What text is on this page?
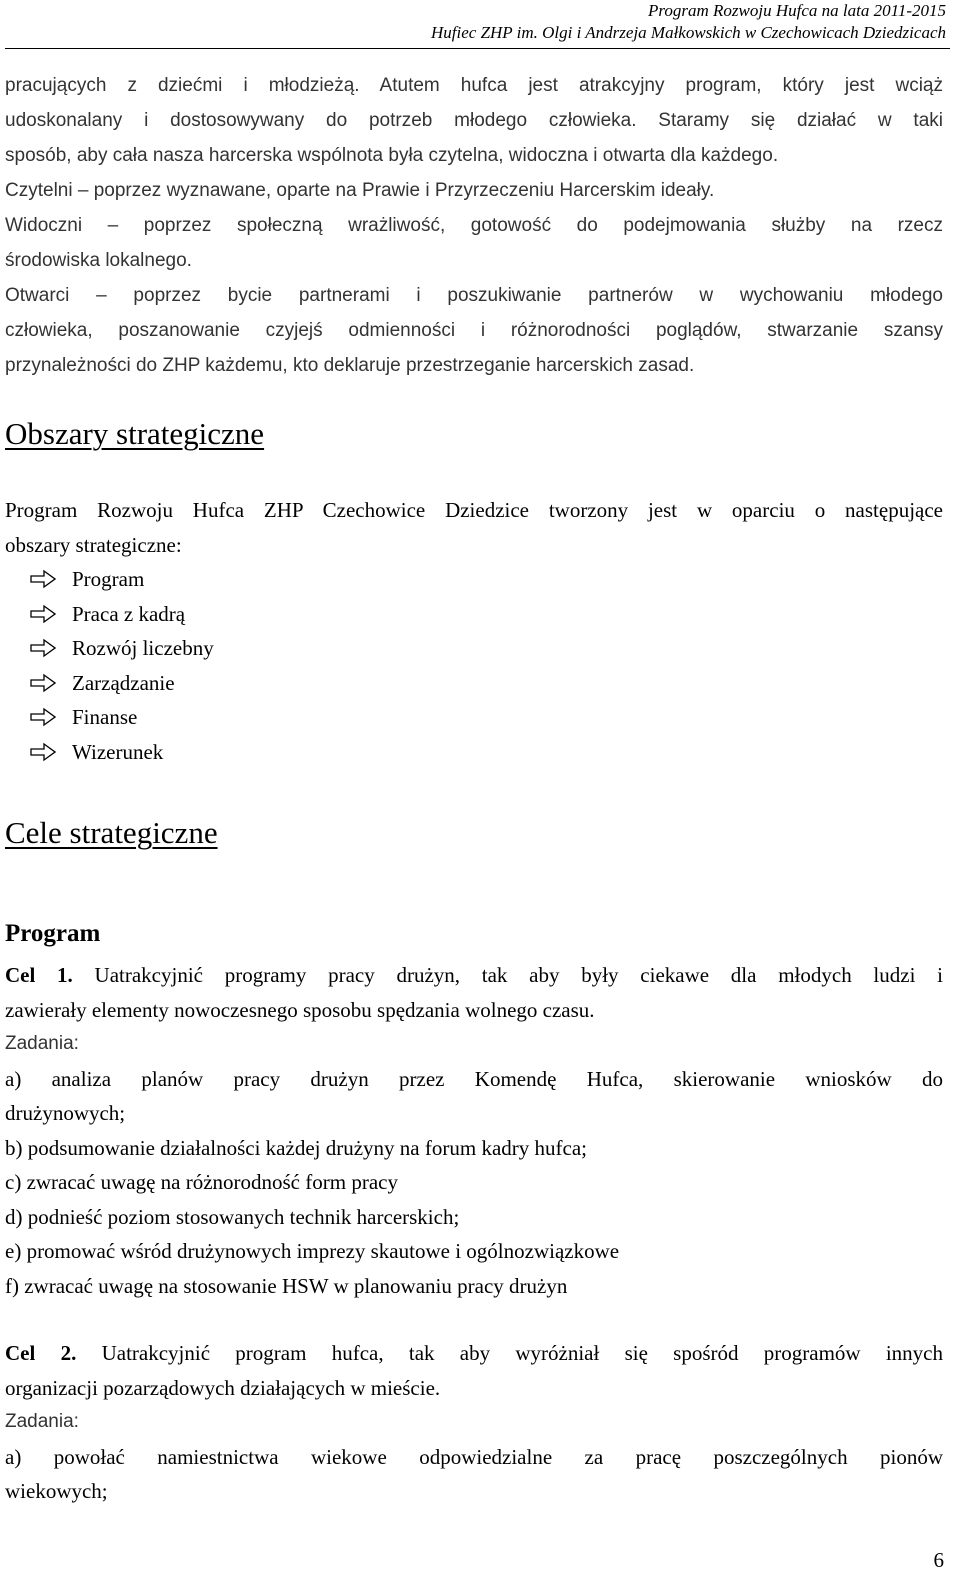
Program Rozwoju Hufca na lata 2011-2015
Hufiec ZHP im. Olgi i Andrzeja Małkowskich w Czechowicach Dziedzicach
pracujących z dziećmi i młodzieżą. Atutem hufca jest atrakcyjny program, który jest wciąż
udoskonalany i dostosowywany do potrzeb młodego człowieka. Staramy się działać w taki
sposób, aby cała nasza harcerska wspólnota była czytelna, widoczna i otwarta dla każdego.
Czytelni – poprzez wyznawane, oparte na Prawie i Przyrzeczeniu Harcerskim ideały.
Widoczni – poprzez społeczną wrażliwość, gotowość do podejmowania służby na rzecz
środowiska lokalnego.
Otwarci – poprzez bycie partnerami i poszukiwanie partnerów w wychowaniu młodego
człowieka, poszanowanie czyjejś odmienności i różnorodności poglądów, stwarzanie szansy
przynależności do ZHP każdemu, kto deklaruje przestrzeganie harcerskich zasad.
Obszary strategiczne
Program Rozwoju Hufca ZHP Czechowice Dziedzice tworzony jest w oparciu o następujące
obszary strategiczne:
Program
Praca z kadrą
Rozwój liczebny
Zarządzanie
Finanse
Wizerunek
Cele strategiczne
Program
Cel 1. Uatrakcyjnić programy pracy drużyn, tak aby były ciekawe dla młodych ludzi i
zawierały elementy nowoczesnego sposobu spędzania wolnego czasu.
Zadania:
a) analiza planów pracy drużyn przez Komendę Hufca, skierowanie wniosków do
drużynowych;
b) podsumowanie działalności każdej drużyny na forum kadry hufca;
c) zwracać uwagę na różnorodność form pracy
d) podnieść poziom stosowanych technik harcerskich;
e) promować wśród drużynowych imprezy skautowe i ogólnozwiązkowe
f) zwracać uwagę na stosowanie HSW w planowaniu pracy drużyn
Cel 2. Uatrakcyjnić program hufca, tak aby wyróżniał się spośród programów innych
organizacji pozarządowych działających w mieście.
Zadania:
a) powołać namiestnictwa wiekowe odpowiedzialne za pracę poszczególnych pionów
wiekowych;
6
